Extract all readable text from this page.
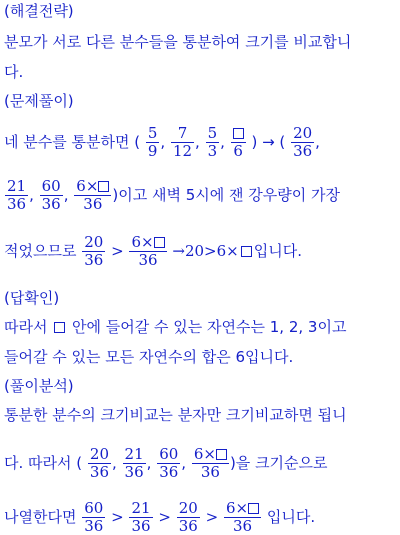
(해결전략)
분모가 서로 다른 분수들을 통분하여 크기를 비교합니
다.
(문제풀이)
네 분수를 통분하면 ( $\frac{5}{9}$ , $\frac{7}{12}$ , $\frac{5}{3}$ , 6 ) → ( $\frac{20}{36}$ ,
$\frac{21}{36}$ , $\frac{60}{36}$ , $\frac{6\times}{36}$ )이고 새벽 5시에 잰 강우량이 가장
적었으므로 $\frac{20}{36} > \frac{6\times}{36} \to 20>6\times$ 입니다.
(답확인)
따라서 안에 들어갈 수 있는 자연수는 1, 2, 3이고
들어갈 수 있는 모든 자연수의 합은 6입니다.
(풀이분석)
통분한 분수의 크기비교는 분자만 크기비교하면 됩니
다. 따라서 ( $\frac{20}{36}$ , $\frac{21}{36}$ , $\frac{60}{36}$ , $\frac{6\times}{36}$ )을 크기순으로
나열한다면 $\frac{60}{36} > \frac{21}{36} > \frac{20}{36} > \frac{6\times}{36}$ 입니다.
